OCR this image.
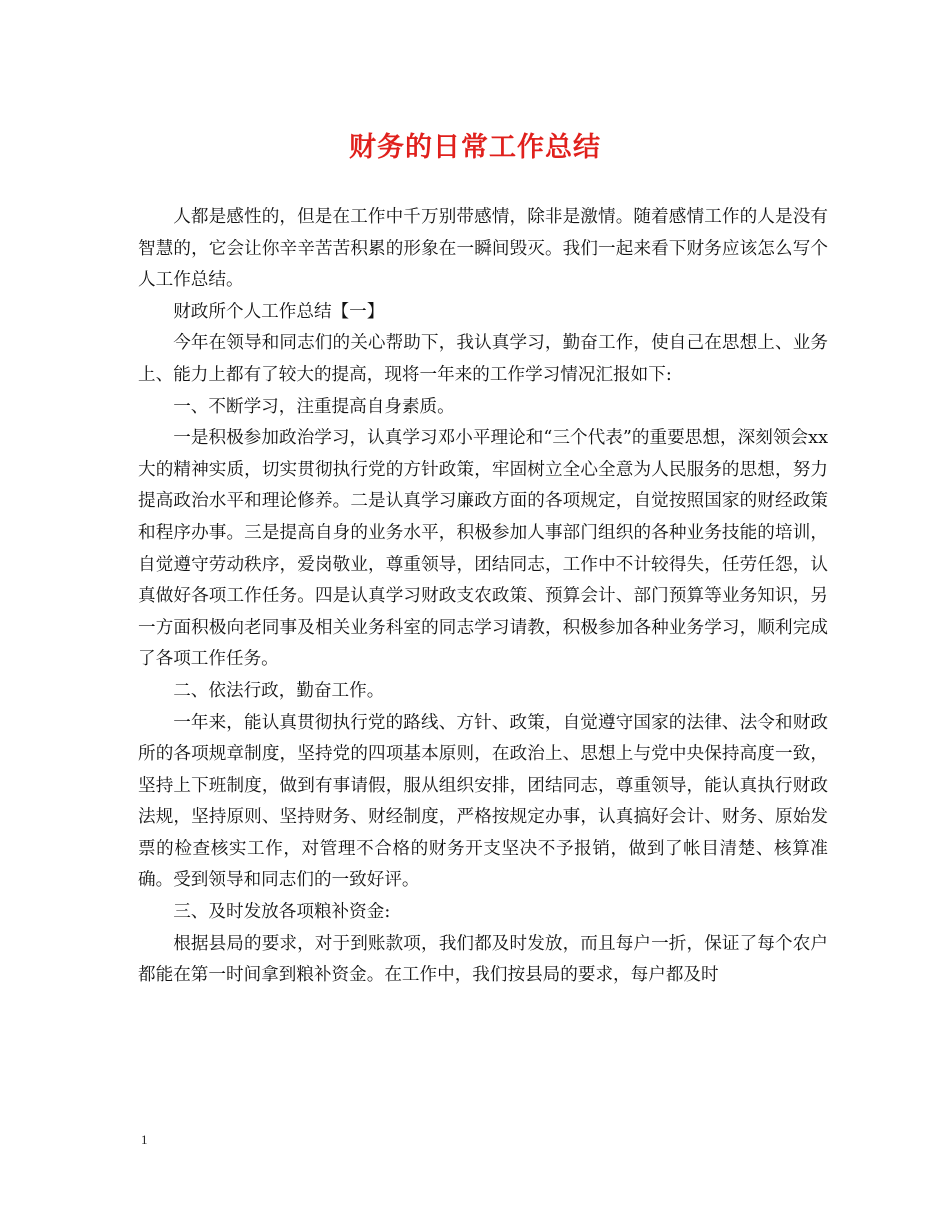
财务的日常工作总结

人都是感性的，但是在工作中千万别带感情，除非是激情。随着感情工作的人是没有智慧的，它会让你辛辛苦苦积累的形象在一瞬间毁灭。我们一起来看下财务应该怎么写个人工作总结。

财政所个人工作总结【一】

今年在领导和同志们的关心帮助下，我认真学习，勤奋工作，使自己在思想上、业务上、能力上都有了较大的提高，现将一年来的工作学习情况汇报如下:

一、不断学习，注重提高自身素质。

一是积极参加政治学习，认真学习邓小平理论和“三个代表”的重要思想，深刻领会xx大的精神实质，切实贯彻执行党的方针政策，牢固树立全心全意为人民服务的思想，努力提高政治水平和理论修养。二是认真学习廉政方面的各项规定，自觉按照国家的财经政策和程序办事。三是提高自身的业务水平，积极参加人事部门组织的各种业务技能的培训，自觉遵守劳动秩序，爱岗敬业，尊重领导，团结同志，工作中不计较得失，任劳任怨，认真做好各项工作任务。四是认真学习财政支农政策、预算会计、部门预算等业务知识，另一方面积极向老同事及相关业务科室的同志学习请教，积极参加各种业务学习，顺利完成了各项工作任务。

二、依法行政，勤奋工作。

一年来，能认真贯彻执行党的路线、方针、政策，自觉遵守国家的法律、法令和财政所的各项规章制度，坚持党的四项基本原则，在政治上、思想上与党中央保持高度一致，坚持上下班制度，做到有事请假，服从组织安排，团结同志，尊重领导，能认真执行财政法规，坚持原则、坚持财务、财经制度，严格按规定办事，认真搞好会计、财务、原始发票的检查核实工作，对管理不合格的财务开支坚决不予报销，做到了帐目清楚、核算准确。受到领导和同志们的一致好评。

三、及时发放各项粮补资金:

根据县局的要求，对于到账款项，我们都及时发放，而且每户一折，保证了每个农户都能在第一时间拿到粮补资金。在工作中，我们按县局的要求，每户都及时

1
